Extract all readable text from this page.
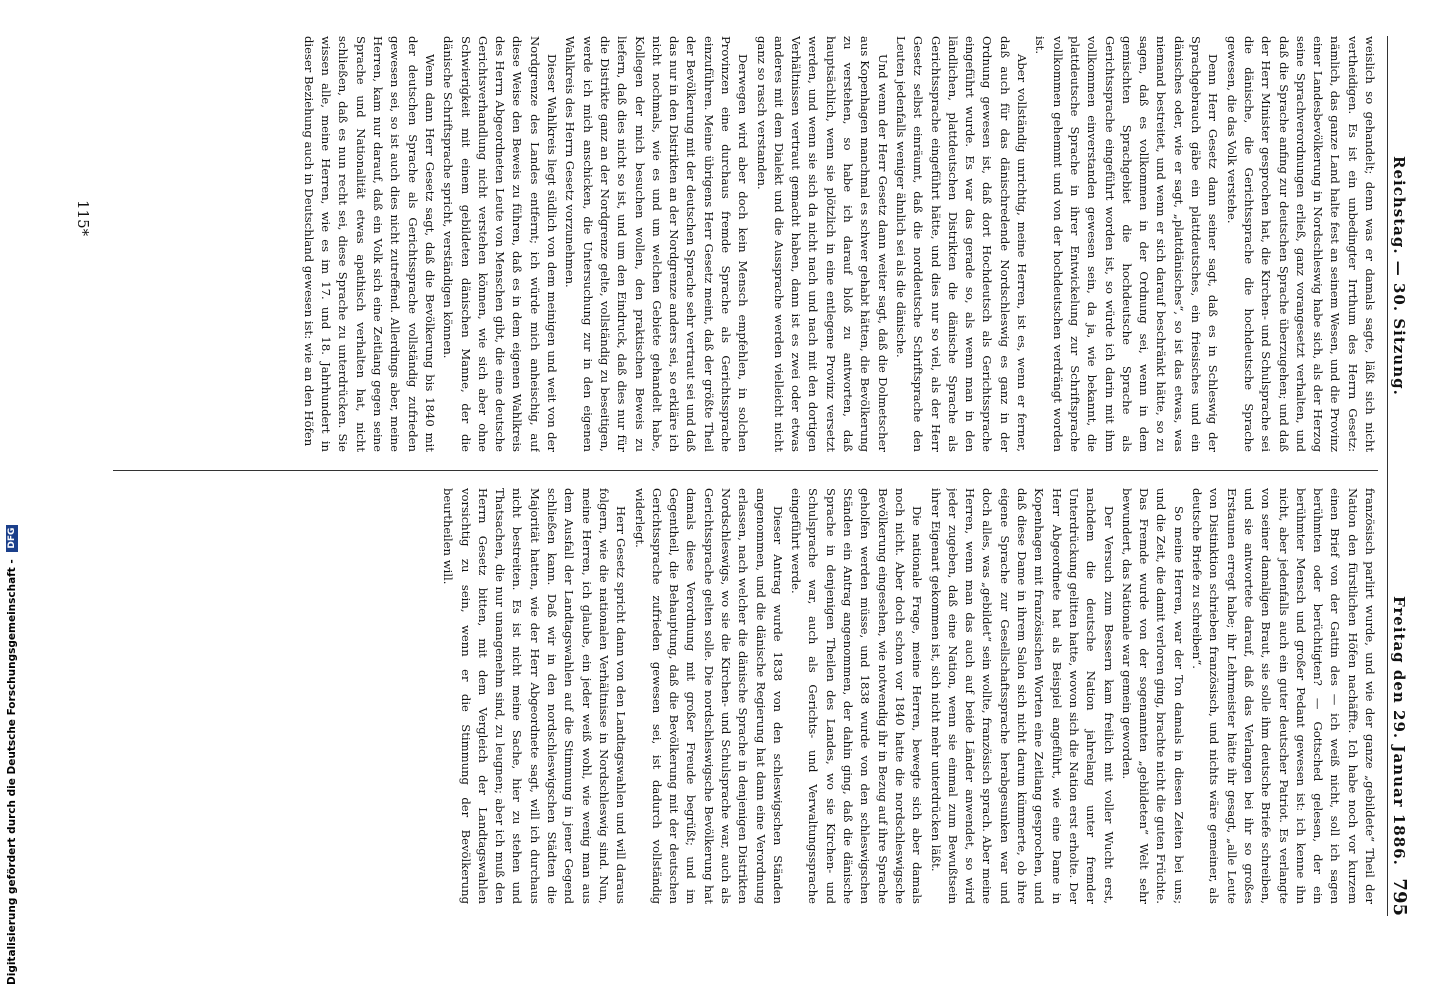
Reichstag. — 30. Sitzung.
Freitag den 29. Januar 1886.
795

weislich so gehandelt; denn was er damals sagte, läßt sich nicht vertheidigen. Es ist ein unbedingter Irrthum des Herrn Gesetz: nämlich, das ganze Land halte fest an seinem Wesen, und die Provinz einer Landesbevölkerung in Nordschleswig habe sich, als der Herzog seine Sprachverordnungen erließ, ganz vorangesetzt verhalten, und daß die Sprache anfing zur deutschen Sprache überzugehen; und daß der Herr Minister gesprochen hat, die Kirchen- und Schulsprache sei die dänische, die Gerichtssprache die hochdeutsche Sprache gewesen, die das Volk verstehe.

Denn Herr Gesetz dann seiner sagt, daß es in Schleswig der Sprachgebrauch gäbe ein plattdeutsches, ein friesisches und ein dänisches oder, wie er sagt, „plattdänisches“, so ist das etwas, was niemand bestreitet, und wenn er sich darauf beschränkt hätte, so zu sagen, daß es vollkommen in der Ordnung sei, wenn in dem gemischten Sprachgebiet die hochdeutsche Sprache als Gerichtssprache eingeführt worden ist, so würde ich darin mit ihm vollkommen einverstanden gewesen sein, da ja, wie bekannt, die plattdeutsche Sprache in ihrer Entwickelung zur Schriftsprache vollkommen gehemmt und von der hochdeutschen verdrängt worden ist.

Aber vollständig unrichtig, meine Herren, ist es, wenn er ferner, daß auch für das dänischredende Nordschleswig es ganz in der Ordnung gewesen ist, daß dort Hochdeutsch als Gerichtssprache eingeführt wurde. Es war das gerade so, als wenn man in den ländlichen, plattdeutschen Distrikten die dänische Sprache als Gerichtssprache eingeführt hätte, und dies nur so viel, als der Herr Gesetz selbst einräumt, daß die norddeutsche Schriftsprache den Leuten jedenfalls weniger ähnlich sei als die dänische.

Und wenn der Herr Gesetz dann weiter sagt, daß die Dolmetscher aus Kopenhagen manchmal es schwer gehabt hätten, die Bevölkerung zu verstehen, so habe ich darauf bloß zu antworten, daß hauptsächlich, wenn sie plötzlich in eine entlegene Provinz versetzt werden, und wenn sie sich da nicht nach und nach mit den dortigen Verhältnissen vertraut gemacht haben, dann ist es zwei oder etwas anderes mit dem Dialekt und die Aussprache werden vielleicht nicht ganz so rasch verstanden.

Derwegen wird aber doch kein Mensch empfehlen, in solchen Provinzen eine durchaus fremde Sprache als Gerichtssprache einzuführen. Meine übrigens Herr Gesetz meint, daß der größte Theil der Bevölkerung mit der deutschen Sprache sehr vertraut sei und daß das nur in den Distrikten an der Nordgrenze anders sei, so erkläre ich nicht nochmals, wie es und um welchen Gebiete gehandelt habe, Kollegen der mich besuchen wollen, den praktischen Beweis zu liefern, daß dies nicht so ist, und um den Eindruck, daß dies nur für die Distrikte ganz an der Nordgrenze gelte, vollständig zu beseitigen, werde ich mich anschicken, die Untersuchung zur in den eigenen Wahlkreis des Herrn Gesetz vorzunehmen.

Dieser Wahlkreis liegt südlich von dem meinigen und weit von der Nordgrenze des Landes entfernt; ich würde mich anheischig, auf diese Weise den Beweis zu führen, daß es in dem eigenen Wahlkreis des Herrn Abgeordneten Leute von Menschen gibt, die eine deutsche Gerichtsverhandlung nicht verstehen können, wie sich aber ohne Schwierigkeit mit einem gebildeten dänischen Manne, der die dänische Schriftsprache spricht, verständigen können.

Wenn dann Herr Gesetz sagt, daß die Bevölkerung bis 1840 mit der deutschen Sprache als Gerichtssprache vollständig zufrieden gewesen sei, so ist auch dies nicht zutreffend. Allerdings aber, meine Herren, kam nur darauf, daß ein Volk sich eine Zeitlang gegen seine Sprache und Nationalität etwas apathisch verhalten hat, nicht schließen, daß es nun recht sei, diese Sprache zu unterdrücken. Sie wissen alle, meine Herren, wie es im 17. und 18. Jahrhundert in dieser Beziehung auch in Deutschland gewesen ist: wie an den Höfen

französisch parlirt wurde, und wie der ganze „gebildete“ Theil der Nation den fürstlichen Höfen nachäffte. Ich habe noch vor kurzem einen Brief von der Gattin des — ich weiß nicht, soll ich sagen berühmten oder berüchtigten? — Gottsched gelesen, der ein berühmter Mensch und großer Pedant gewesen ist: ich kenne ihn nicht, aber jedenfalls auch ein guter deutscher Patriot. Es verlangte von seiner damaligen Braut, sie solle ihm deutsche Briefe schreiben, und sie antwortete darauf, daß das Verlangen bei ihr so großes Erstaunen erregt habe; ihr Lehrmeister hätte ihr gesagt, „alle Leute von Distinktion schrieben französisch, und nichts wäre gemeiner, als deutsche Briefe zu schreiben“.

So meine Herren, war der Ton damals in diesen Zeiten bei uns; und die Zeit, die damit verloren ging, brachte nicht die guten Früchte. Das Fremde wurde von der sogenannten „gebildeten“ Welt sehr bewundert, das Nationale war gemein geworden.

Der Versuch zum Bessern kam freilich mit voller Wucht erst, nachdem die deutsche Nation jahrelang unter fremder Unterdrückung gelitten hatte, wovon sich die Nation erst erholte. Der Herr Abgeordnete hat als Beispiel angeführt, wie eine Dame in Kopenhagen mit französischen Worten eine Zeitlang gesprochen, und daß diese Dame in ihrem Salon sich nicht darum kümmerte, ob ihre eigene Sprache zur Gesellschaftssprache herabgesunken war und doch alles, was „gebildet“ sein wollte, französisch sprach. Aber meine Herren, wenn man das auch auf beide Länder anwendet, so wird jeder zugeben, daß eine Nation, wenn sie einmal zum Bewußtsein ihrer Eigenart gekommen ist, sich nicht mehr unterdrücken läßt.

Die nationale Frage, meine Herren, bewegte sich aber damals noch nicht. Aber doch schon vor 1840 hatte die nordschleswigsche Bevölkerung eingesehen, wie notwendig ihr in Bezug auf ihre Sprache geholfen werden müsse, und 1838 wurde von den schleswigschen Ständen ein Antrag angenommen, der dahin ging, daß die dänische Sprache in denjenigen Theilen des Landes, wo sie Kirchen- und Schulsprache war, auch als Gerichts- und Verwaltungssprache eingeführt werde.

Dieser Antrag wurde 1838 von den schleswigschen Ständen angenommen, und die dänische Regierung hat dann eine Verordnung erlassen, nach welcher die dänische Sprache in denjenigen Distrikten Nordschleswigs, wo sie die Kirchen- und Schulsprache war, auch als Gerichtssprache gelten solle. Die nordschleswigsche Bevölkerung hat damals diese Verordnung mit großer Freude begrüßt; und im Gegentheil, die Behauptung, daß die Bevölkerung mit der deutschen Gerichtssprache zufrieden gewesen sei, ist dadurch vollständig widerlegt.

Herr Gesetz spricht dann von den Landtagswahlen und will daraus folgern, wie die nationalen Verhältnisse in Nordschleswig sind. Nun, meine Herren, ich glaube, ein jeder weiß wohl, wie wenig man aus dem Ausfall der Landtagswahlen auf die Stimmung in jener Gegend schließen kann. Daß wir in den nordschleswigschen Städten die Majorität hatten, wie der Herr Abgeordnete sagt, will ich durchaus nicht bestreiten. Es ist nicht meine Sache, hier zu stehen und Thatsachen, die nur unangenehm sind, zu leugnen; aber ich muß den Herrn Gesetz bitten, mit dem Vergleich der Landtagswahlen vorsichtig zu sein, wenn er die Stimmung der Bevölkerung beurtheilen will.

115*
Digitalisierung gefördert durch die Deutsche Forschungsgemeinschaft - DFG
